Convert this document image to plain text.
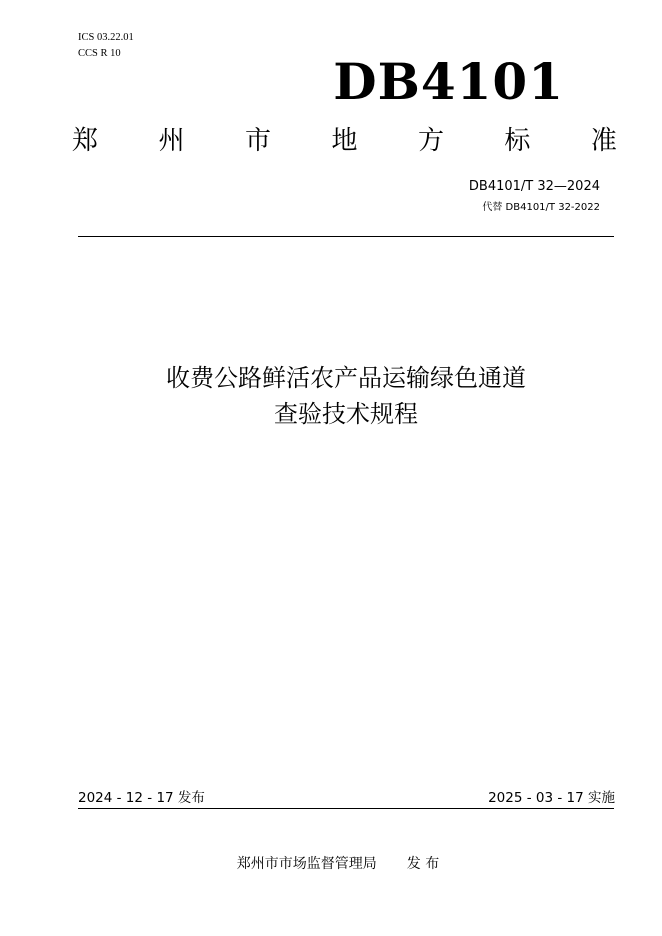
ICS 03.22.01
CCS R 10	DB4101
郑 州 市 地 方 标 准
DB4101/T 32—2024
代替 DB4101/T 32-2022
收费公路鲜活农产品运输绿色通道
查验技术规程
2024 - 12 - 17 发布	2025 - 03 - 17 实施
郑州市市场监督管理局 发 布
